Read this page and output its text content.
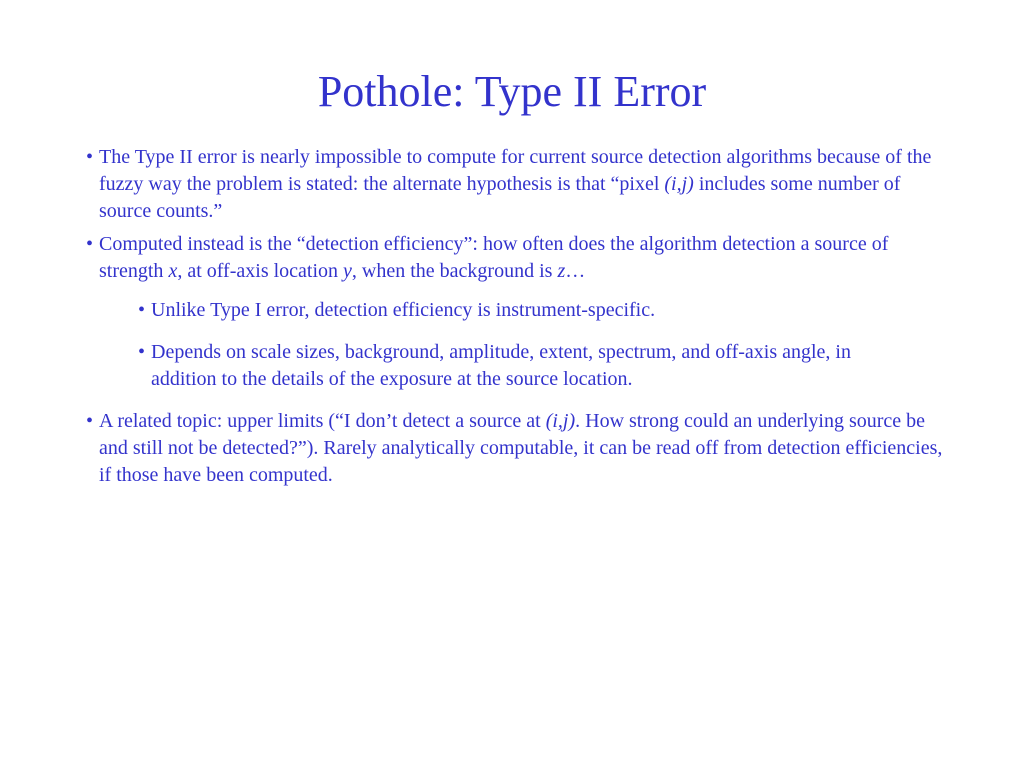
Pothole: Type II Error
• The Type II error is nearly impossible to compute for current source detection algorithms because of the fuzzy way the problem is stated: the alternate hypothesis is that “pixel (i,j) includes some number of source counts.”
• Computed instead is the “detection efficiency”: how often does the algorithm detection a source of strength x, at off-axis location y, when the background is z…
• Unlike Type I error, detection efficiency is instrument-specific.
• Depends on scale sizes, background, amplitude, extent, spectrum, and off-axis angle, in addition to the details of the exposure at the source location.
• A related topic: upper limits (“I don’t detect a source at (i,j). How strong could an underlying source be and still not be detected?”). Rarely analytically computable, it can be read off from detection efficiencies, if those have been computed.
